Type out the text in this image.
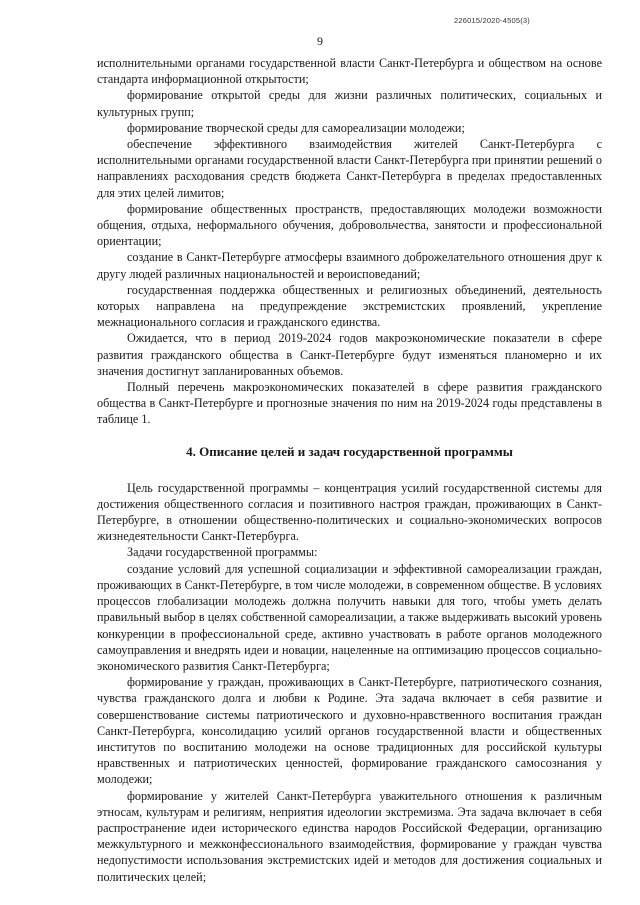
226015/2020-4505(3)
9

исполнительными органами государственной власти Санкт-Петербурга и обществом на основе стандарта информационной открытости;

формирование открытой среды для жизни различных политических, социальных и культурных групп;

формирование творческой среды для самореализации молодежи;

обеспечение эффективного взаимодействия жителей Санкт-Петербурга с исполнительными органами государственной власти Санкт-Петербурга при принятии решений о направлениях расходования средств бюджета Санкт-Петербурга в пределах предоставленных для этих целей лимитов;

формирование общественных пространств, предоставляющих молодежи возможности общения, отдыха, неформального обучения, добровольчества, занятости и профессиональной ориентации;

создание в Санкт-Петербурге атмосферы взаимного доброжелательного отношения друг к другу людей различных национальностей и вероисповеданий;

государственная поддержка общественных и религиозных объединений, деятельность которых направлена на предупреждение экстремистских проявлений, укрепление межнационального согласия и гражданского единства.

Ожидается, что в период 2019-2024 годов макроэкономические показатели в сфере развития гражданского общества в Санкт-Петербурге будут изменяться планомерно и их значения достигнут запланированных объемов.

Полный перечень макроэкономических показателей в сфере развития гражданского общества в Санкт-Петербурге и прогнозные значения по ним на 2019-2024 годы представлены в таблице 1.

4. Описание целей и задач государственной программы

Цель государственной программы – концентрация усилий государственной системы для достижения общественного согласия и позитивного настроя граждан, проживающих в Санкт-Петербурге, в отношении общественно-политических и социально-экономических вопросов жизнедеятельности Санкт-Петербурга.

Задачи государственной программы:

создание условий для успешной социализации и эффективной самореализации граждан, проживающих в Санкт-Петербурге, в том числе молодежи, в современном обществе. В условиях процессов глобализации молодежь должна получить навыки для того, чтобы уметь делать правильный выбор в целях собственной самореализации, а также выдерживать высокий уровень конкуренции в профессиональной среде, активно участвовать в работе органов молодежного самоуправления и внедрять идеи и новации, нацеленные на оптимизацию процессов социально-экономического развития Санкт-Петербурга;

формирование у граждан, проживающих в Санкт-Петербурге, патриотического сознания, чувства гражданского долга и любви к Родине. Эта задача включает в себя развитие и совершенствование системы патриотического и духовно-нравственного воспитания граждан Санкт-Петербурга, консолидацию усилий органов государственной власти и общественных институтов по воспитанию молодежи на основе традиционных для российской культуры нравственных и патриотических ценностей, формирование гражданского самосознания у молодежи;

формирование у жителей Санкт-Петербурга уважительного отношения к различным этносам, культурам и религиям, неприятия идеологии экстремизма. Эта задача включает в себя распространение идеи исторического единства народов Российской Федерации, организацию межкультурного и межконфессионального взаимодействия, формирование у граждан чувства недопустимости использования экстремистских идей и методов для достижения социальных и политических целей;
